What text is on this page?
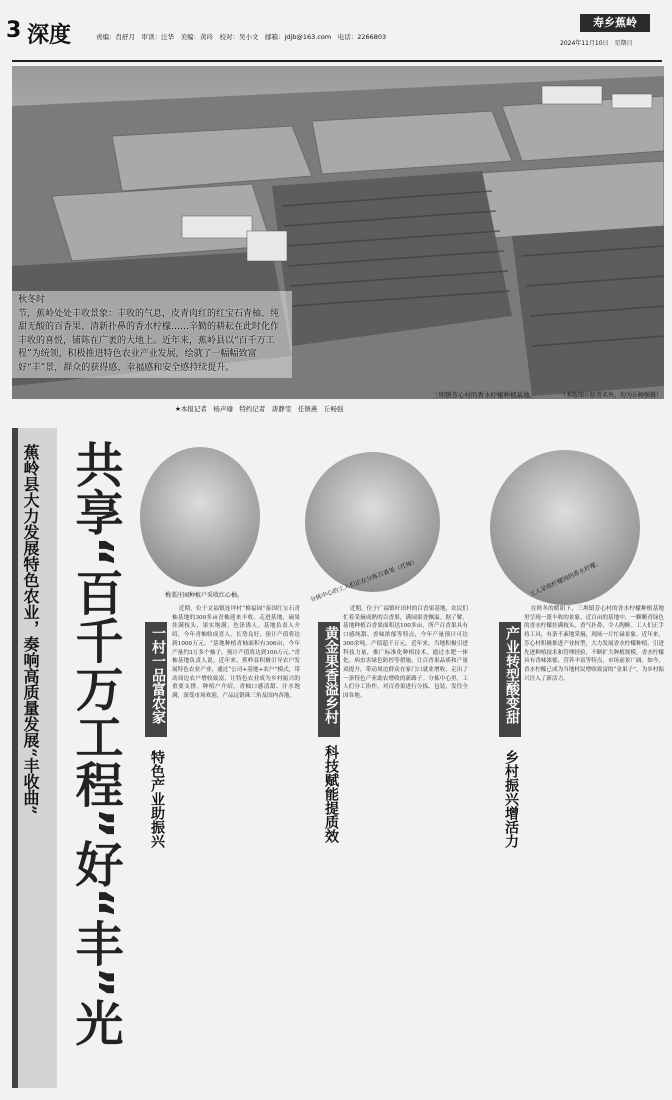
3 深度	责编：肖舒月　审读：汪华　美编：黄玲　校对：吴小文　邮箱：jdjb@163.com　电话：2266803
寿乡蕉岭
2024年11月10日　星期日
秋冬时
节，蕉岭处处丰收景象：丰收的气息，皮青肉红的红宝石青柚、纯甜无酸的百香果、清新扑鼻的香水柠檬……辛勤的耕耘在此时化作丰收的喜悦，铺陈在广袤的大地上。近年来，蕉岭县以“百千万工程”为统领，积极推进特色农业产业发展，绘就了一幅幅致富好“丰”景，群众的获得感、幸福感和安全感持续提升。
三圳镇芳心村的香水柠檬种植基地。	（本版图片除署名外，均为丘畅强摄）
★本报记者　杨声瑜　特约记者　唐静雯　任镇燕　丘畅强
蕉岭县大力发展特色农业，奏响高质量发展“丰收曲” 共享“百千万工程”好“丰”光	梅栗庄园种植户采收红心柚。	分拣中心的工人们正在分拣百香果（任锦）	工人采收柠檬园的香水柠檬。
一村一品富农家
特色产业助振兴

近期，位于文福镇连坪村“梅福园”泰国红宝石青柚基地的300多亩青柚迎来丰收。走进基地，硕果挂满枝头，果实饱满，色泽诱人。基地负责人介绍，今年青柚收成喜人，长势良好，预计产值将达到1000万元。“基地种植青柚面积有306亩，今年产量约3万多个柚子，预计产值将达到100万元。”青柚基地负责人说。近年来，蕉岭县积极引导农户发展特色农业产业，通过“公司+基地+农户”模式，带动周边农户增收致富，让特色农业成为乡村振兴的重要支撑。种植户介绍，青柚口感清甜、汁水饱满，深受市场欢迎，产品远销珠三角及国内各地。	黄金果香溢乡村
科技赋能提质效

近期，位于广福镇叶田村的百香果基地，农民们忙着采摘成熟的百香果，满园果香飘溢。据了解，基地种植百香果面积达100多亩，所产百香果具有口感纯甜、香味浓郁等特点，今年产量预计可达300余吨，产值超千万元。近年来，当地积极引进科技力量，推广标准化种植技术，通过水肥一体化、病虫害绿色防控等措施，让百香果品质和产量双提升，带动周边群众在家门口就业增收，走出了一条特色产业助农增收的新路子。分拣中心里，工人们分工协作，对百香果进行分拣、包装，发往全国各地。	产业转型酸变甜
乡村振兴增活力

在秋冬的暖阳下，三圳镇芳心村的香水柠檬种植基地里呈现一派丰收的景象。近百亩的基地中，一颗颗青绿色的香水柠檬挂满枝头，香气扑鼻，令人陶醉。工人们正手持工具，有条不紊地采摘，现场一片忙碌景象。近年来，芳心村积极推进产业转型，大力发展香水柠檬种植，引进先进种植技术和管理经验，不断扩大种植规模。香水柠檬具有香味浓郁、营养丰富等特点，市场前景广阔。如今，香水柠檬已成为当地村民增收致富的“金果子”，为乡村振兴注入了新活力。
